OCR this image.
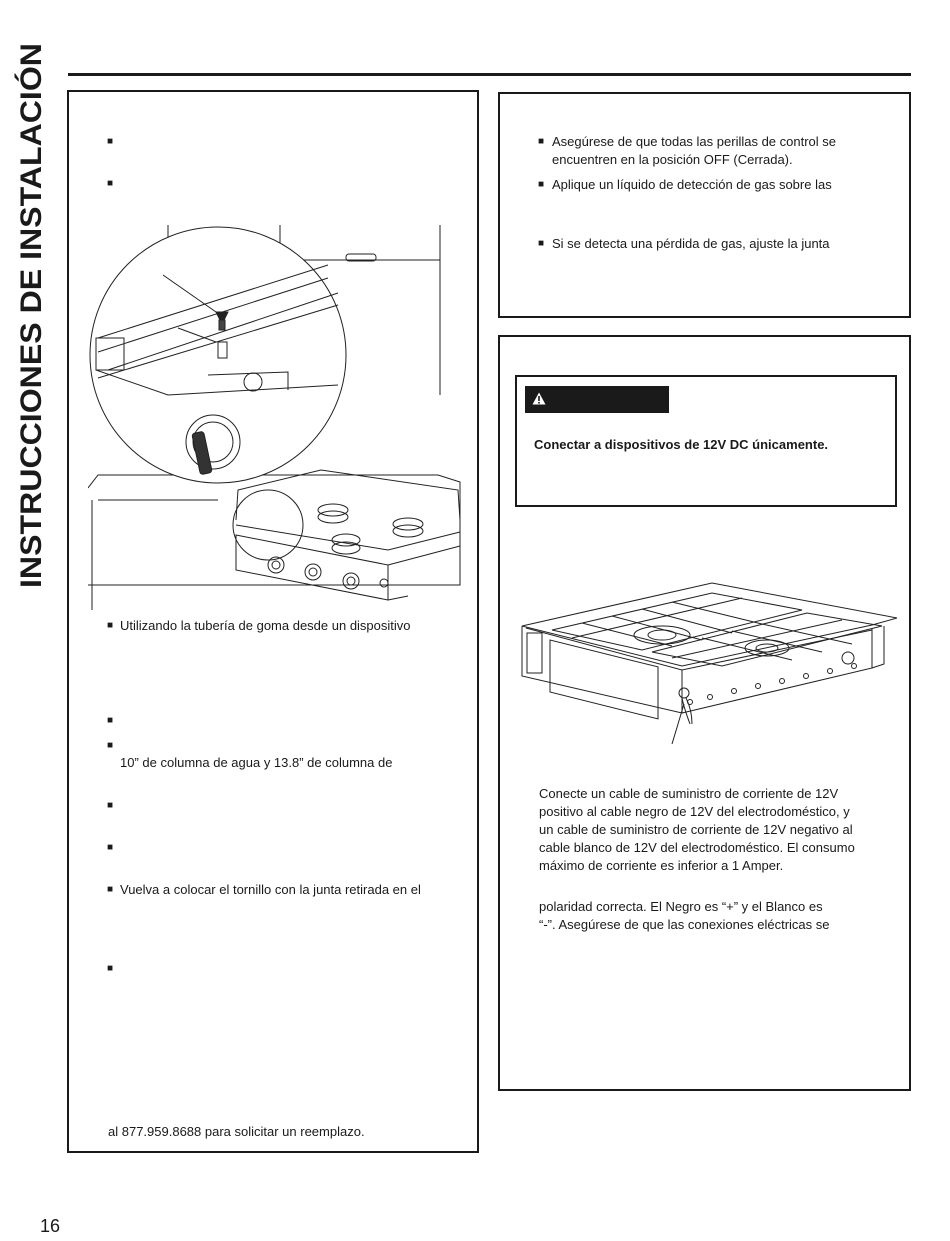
INSTRUCCIONES DE INSTALACIÓN	■
■
■ Utilizando la tubería de goma desde un dispositivo
■
■
10” de columna de agua y 13.8” de columna de
■
■
■ Vuelva a colocar el tornillo con la junta retirada en el
■
al 877.959.8688 para solicitar un reemplazo.
■ Asegúrese de que todas las perillas de control se
encuentren en la posición OFF (Cerrada).
■ Aplique un líquido de detección de gas sobre las
■ Si se detecta una pérdida de gas, ajuste la junta
Conectar a dispositivos de 12V DC únicamente.
Conecte un cable de suministro de corriente de 12V
positivo al cable negro de 12V del electrodoméstico, y
un cable de suministro de corriente de 12V negativo al
cable blanco de 12V del electrodoméstico. El consumo
máximo de corriente es inferior a 1 Amper.
polaridad correcta. El Negro es “+” y el Blanco es
“-”. Asegúrese de que las conexiones eléctricas se
16
